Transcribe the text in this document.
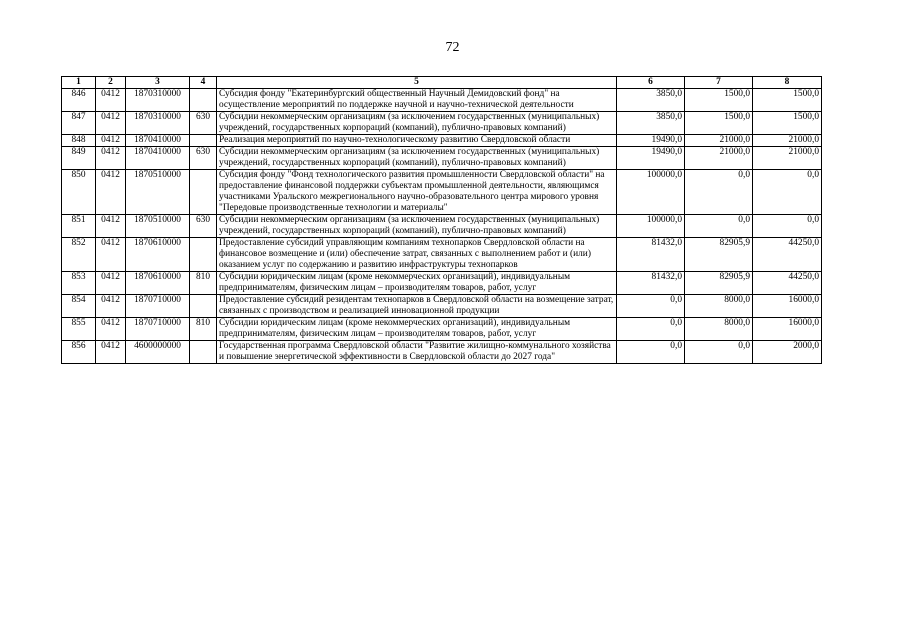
72
1	2	3	4	5	6	7	8
846	0412	1870310000		Субсидия фонду "Екатеринбургский общественный Научный Демидовский фонд" на осуществление мероприятий по поддержке научной и научно-технической деятельности	3850,0	1500,0	1500,0
847	0412	1870310000	630	Субсидии некоммерческим организациям (за исключением государственных (муниципальных) учреждений, государственных корпораций (компаний), публично-правовых компаний)	3850,0	1500,0	1500,0
848	0412	1870410000		Реализация мероприятий по научно-технологическому развитию Свердловской области	19490,0	21000,0	21000,0
849	0412	1870410000	630	Субсидии некоммерческим организациям (за исключением государственных (муниципальных) учреждений, государственных корпораций (компаний), публично-правовых компаний)	19490,0	21000,0	21000,0
850	0412	1870510000		Субсидия фонду "Фонд технологического развития промышленности Свердловской области" на предоставление финансовой поддержки субъектам промышленной деятельности, являющимся участниками Уральского межрегионального научно-образовательного центра мирового уровня "Передовые производственные технологии и материалы"	100000,0	0,0	0,0
851	0412	1870510000	630	Субсидии некоммерческим организациям (за исключением государственных (муниципальных) учреждений, государственных корпораций (компаний), публично-правовых компаний)	100000,0	0,0	0,0
852	0412	1870610000		Предоставление субсидий управляющим компаниям технопарков Свердловской области на финансовое возмещение и (или) обеспечение затрат, связанных с выполнением работ и (или) оказанием услуг по содержанию и развитию инфраструктуры технопарков	81432,0	82905,9	44250,0
853	0412	1870610000	810	Субсидии юридическим лицам (кроме некоммерческих организаций), индивидуальным предпринимателям, физическим лицам – производителям товаров, работ, услуг	81432,0	82905,9	44250,0
854	0412	1870710000		Предоставление субсидий резидентам технопарков в Свердловской области на возмещение затрат, связанных с производством и реализацией инновационной продукции	0,0	8000,0	16000,0
855	0412	1870710000	810	Субсидии юридическим лицам (кроме некоммерческих организаций), индивидуальным предпринимателям, физическим лицам – производителям товаров, работ, услуг	0,0	8000,0	16000,0
856	0412	4600000000		Государственная программа Свердловской области "Развитие жилищно-коммунального хозяйства и повышение энергетической эффективности в Свердловской области до 2027 года"	0,0	0,0	2000,0
